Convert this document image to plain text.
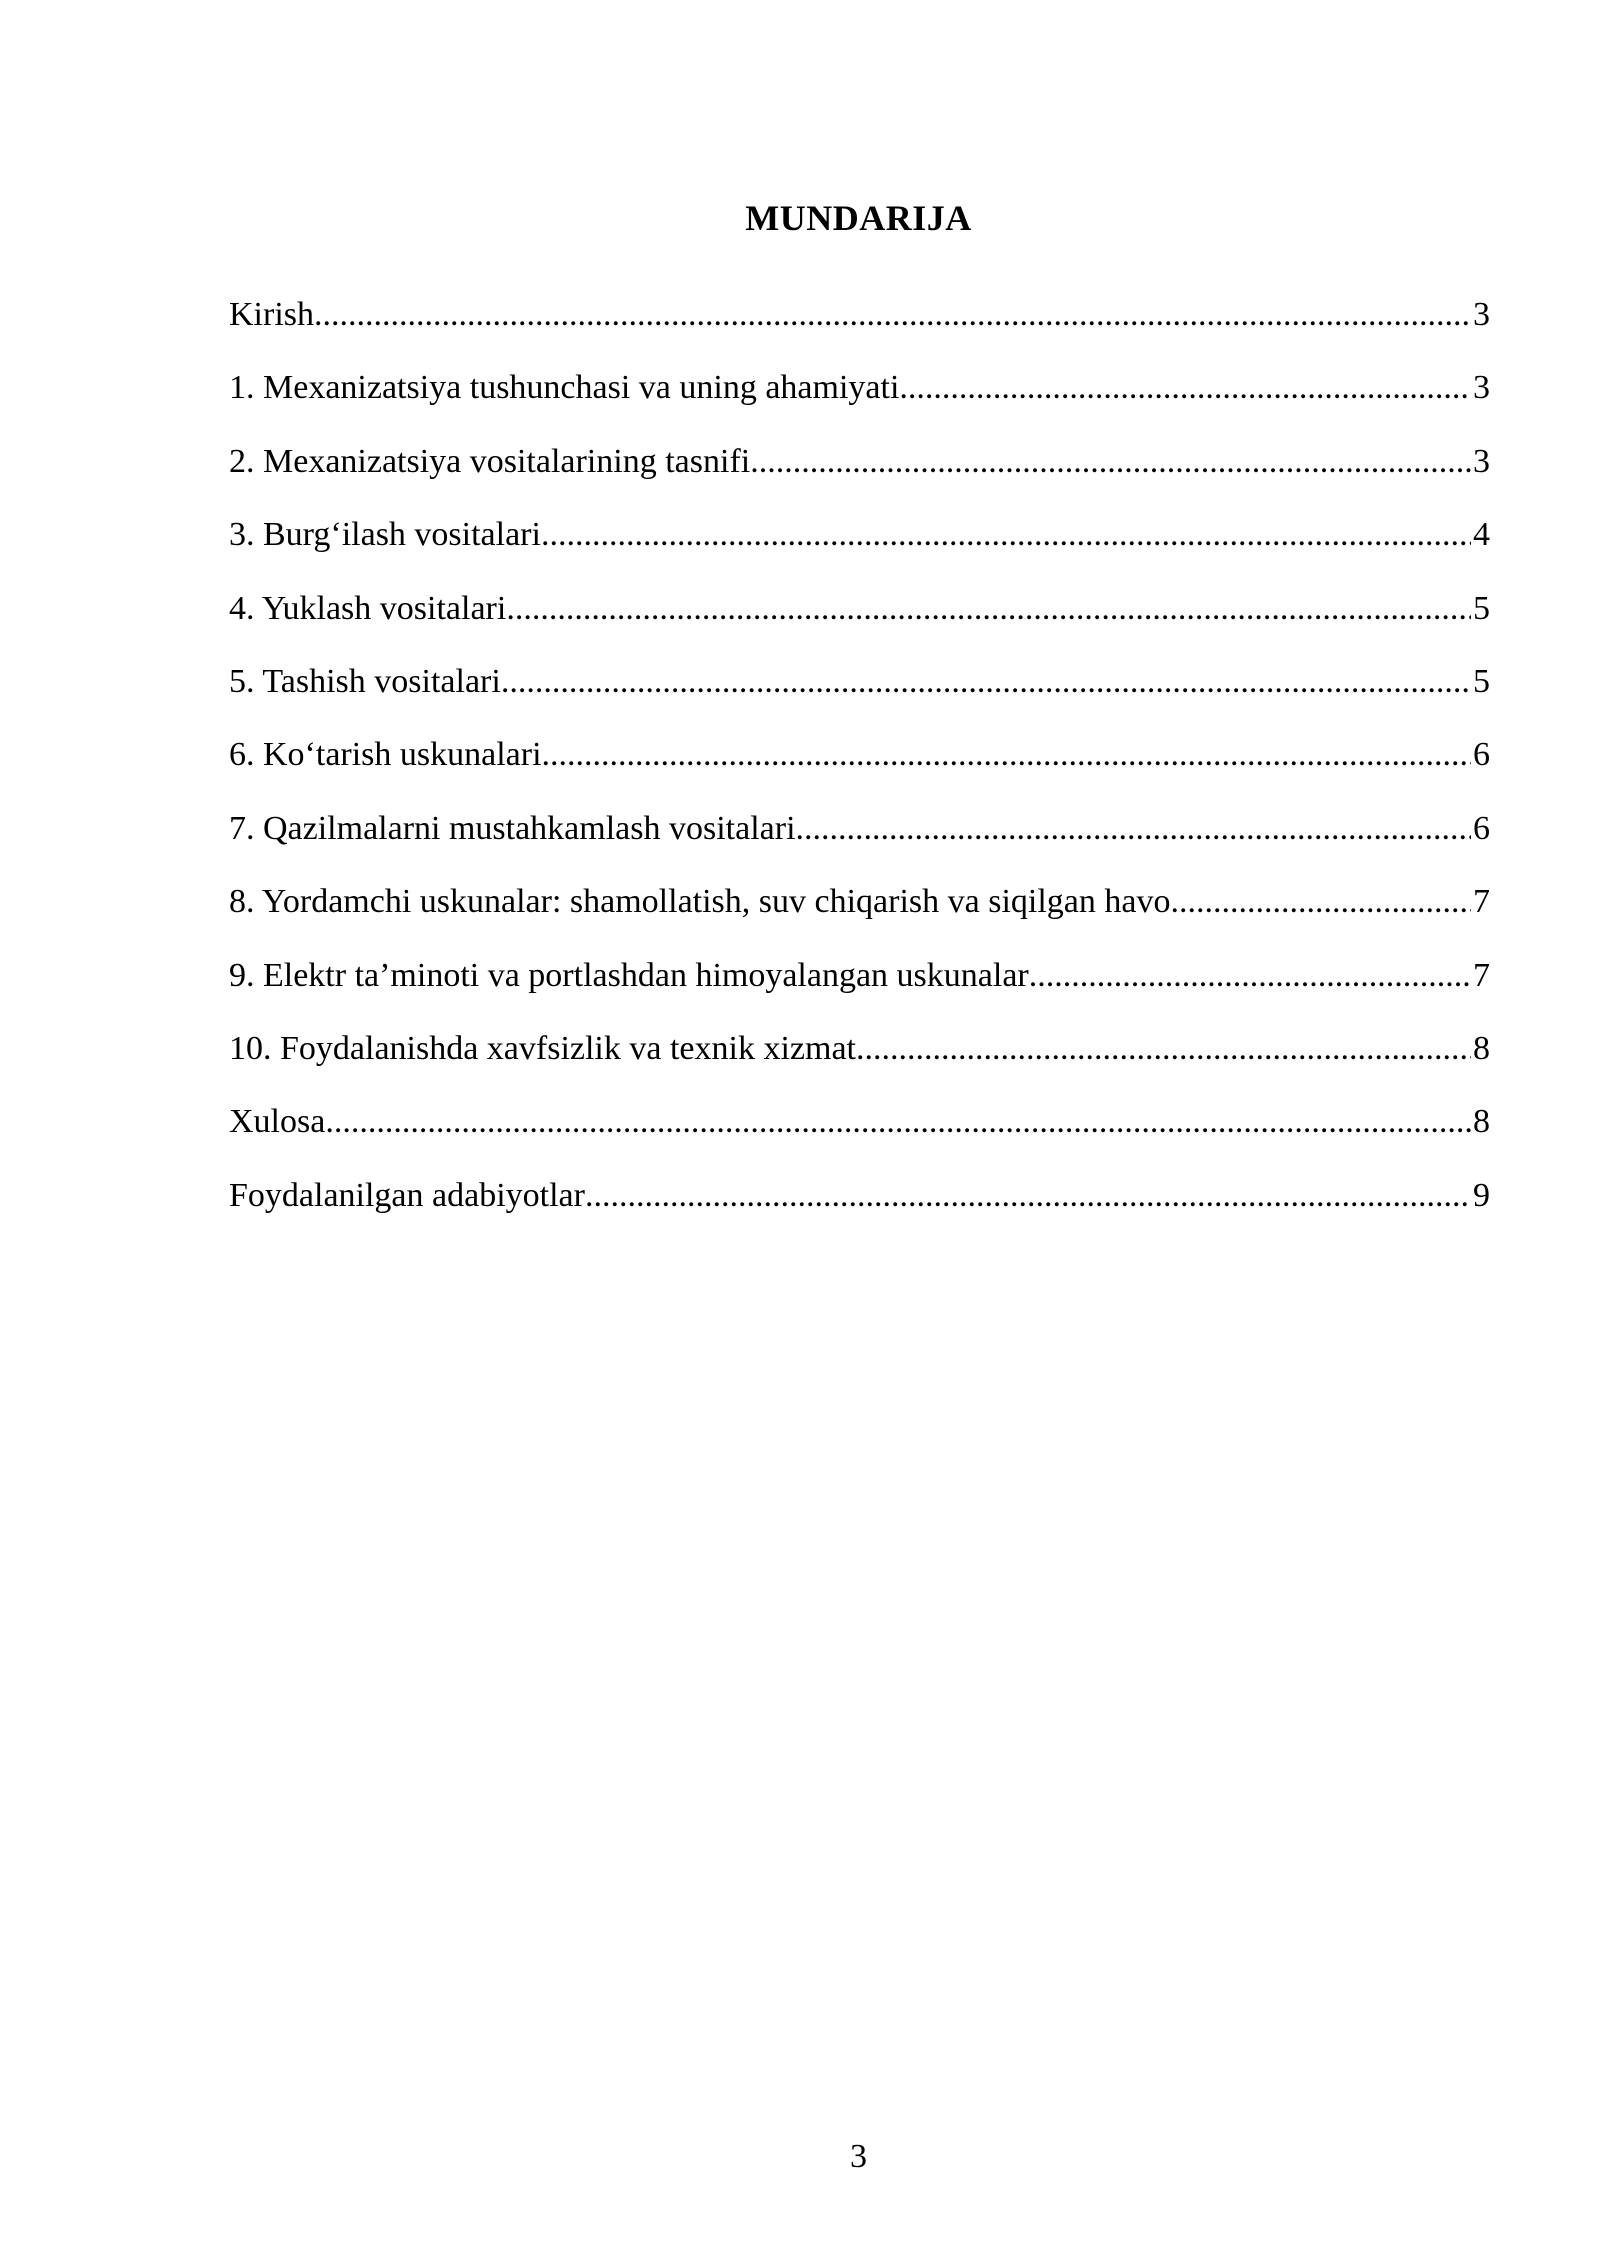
MUNDARIJA
Kirish .....	3
1. Mexanizatsiya tushunchasi va uning ahamiyati .....	3
2. Mexanizatsiya vositalarining tasnifi .....	3
3. Burg‘ilash vositalari .....	4
4. Yuklash vositalari .....	5
5. Tashish vositalari .....	5
6. Ko‘tarish uskunalari .....	6
7. Qazilmalarni mustahkamlash vositalari .....	6
8. Yordamchi uskunalar: shamollatish, suv chiqarish va siqilgan havo .....	7
9. Elektr ta’minoti va portlashdan himoyalangan uskunalar .....	7
10. Foydalanishda xavfsizlik va texnik xizmat .....	8
Xulosa .....	8
Foydalanilgan adabiyotlar .....	9
3
